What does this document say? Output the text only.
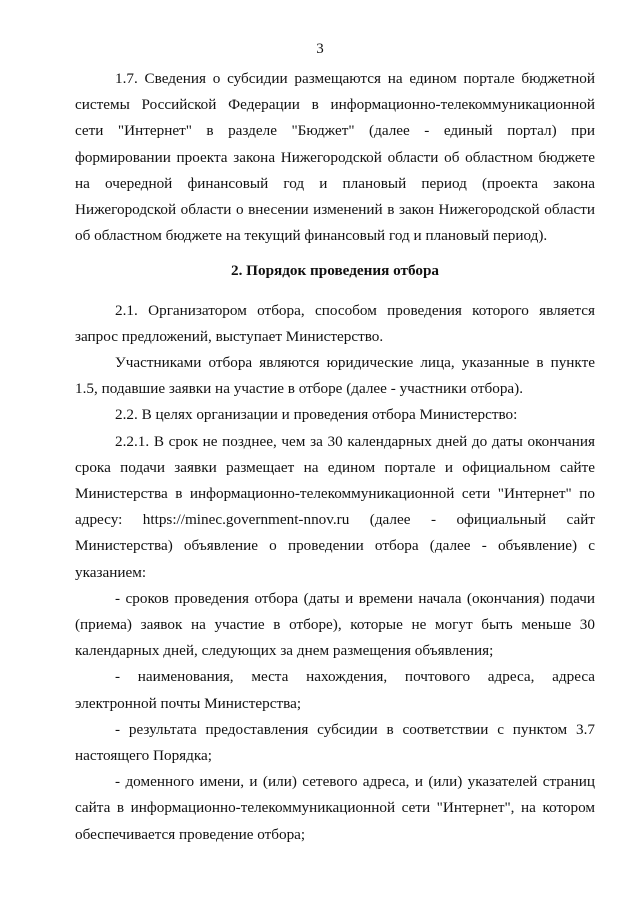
3

1.7. Сведения о субсидии размещаются на едином портале бюджетной системы Российской Федерации в информационно-телекоммуникационной сети "Интернет" в разделе "Бюджет" (далее - единый портал) при формировании проекта закона Нижегородской области об областном бюджете на очередной финансовый год и плановый период (проекта закона Нижегородской области о внесении изменений в закон Нижегородской области об областном бюджете на текущий финансовый год и плановый период).

2. Порядок проведения отбора

2.1. Организатором отбора, способом проведения которого является запрос предложений, выступает Министерство.

Участниками отбора являются юридические лица, указанные в пункте 1.5, подавшие заявки на участие в отборе (далее - участники отбора).

2.2. В целях организации и проведения отбора Министерство:

2.2.1. В срок не позднее, чем за 30 календарных дней до даты окончания срока подачи заявки размещает на едином портале и официальном сайте Министерства в информационно-телекоммуникационной сети "Интернет" по адресу: https://minec.government-nnov.ru (далее - официальный сайт Министерства) объявление о проведении отбора (далее - объявление) с указанием:

- сроков проведения отбора (даты и времени начала (окончания) подачи (приема) заявок на участие в отборе), которые не могут быть меньше 30 календарных дней, следующих за днем размещения объявления;

- наименования, места нахождения, почтового адреса, адреса электронной почты Министерства;

- результата предоставления субсидии в соответствии с пунктом 3.7 настоящего Порядка;

- доменного имени, и (или) сетевого адреса, и (или) указателей страниц сайта в информационно-телекоммуникационной сети "Интернет", на котором обеспечивается проведение отбора;
